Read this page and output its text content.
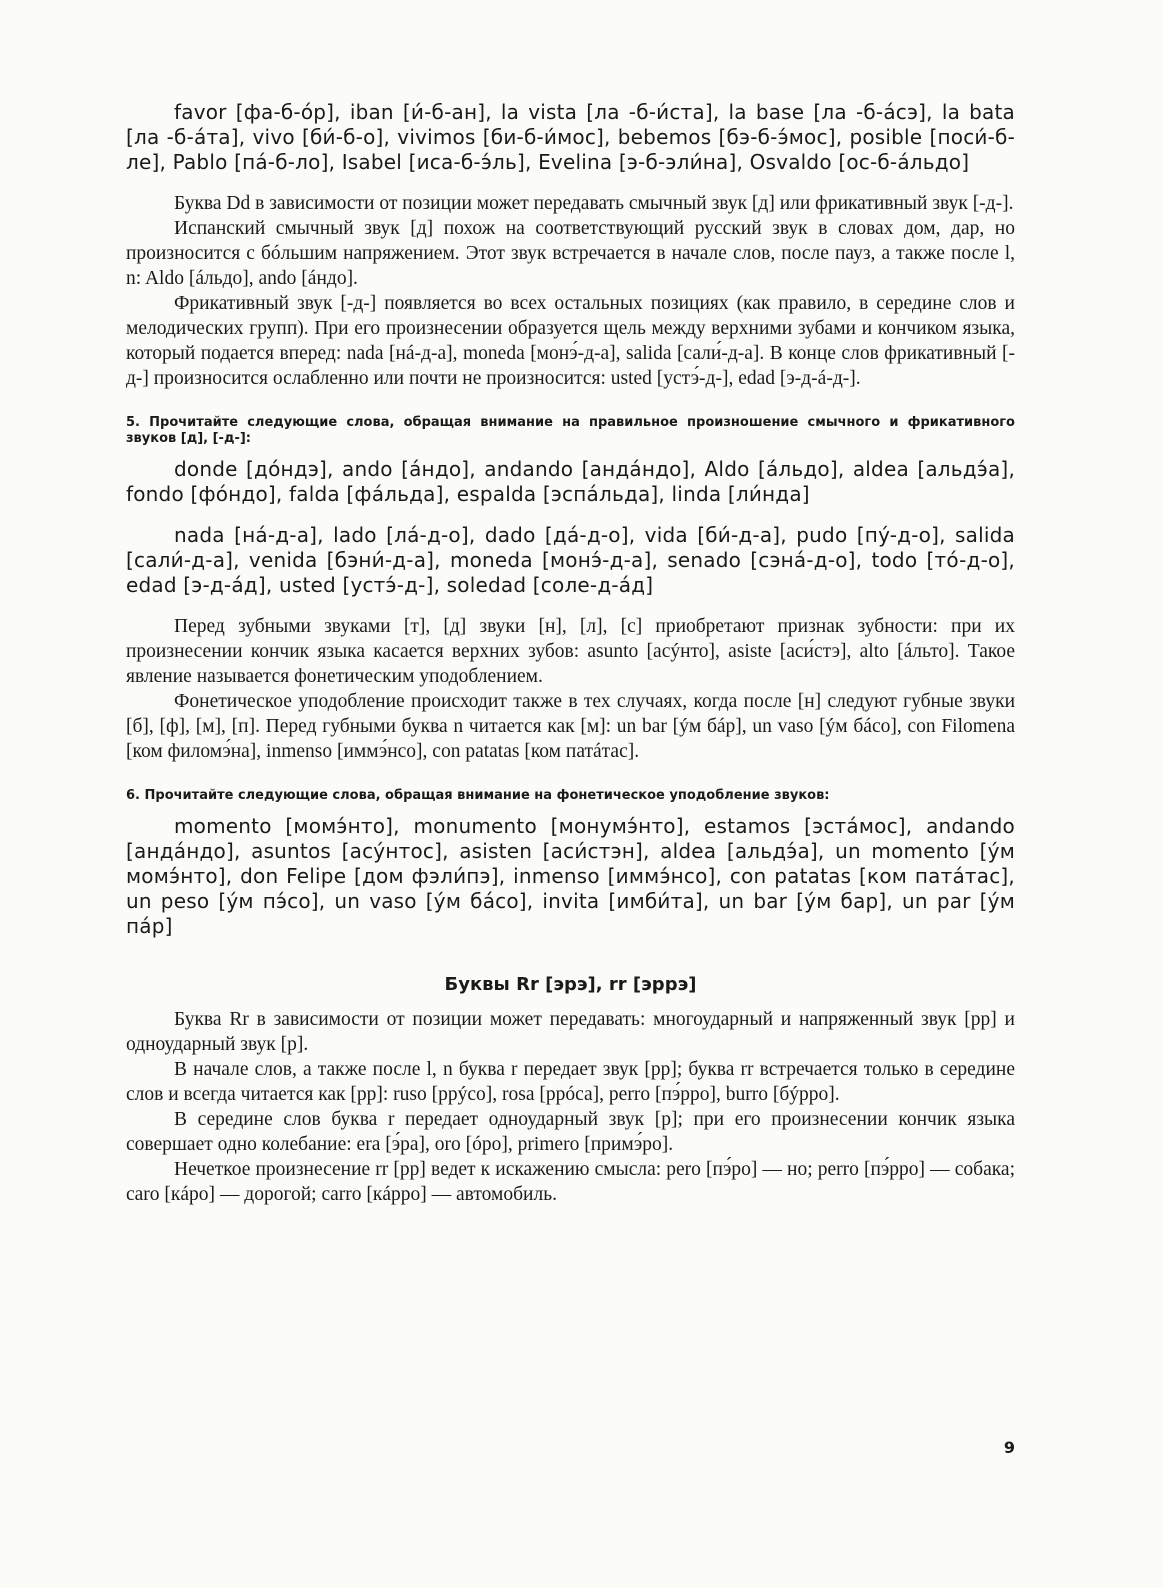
favor [фа-б-óр], iban [и́-б-ан], la vista [ла -б-и́ста], la base [ла -б-áсэ], la bata [ла -б-áта], vivo [би́-б-о], vivimos [би-б-и́мос], bebemos [бэ-б-э́мос], posible [поси́-б-ле], Pablo [пá-б-ло], Isabel [иса-б-э́ль], Evelina [э-б-эли́на], Osvaldo [ос-б-áльдо]

Буква Dd в зависимости от позиции может передавать смычный звук [д] или фрикативный звук [-д-].

Испанский смычный звук [д] похож на соответствующий русский звук в словах дом, дар, но произносится с бóльшим напряжением. Этот звук встречается в начале слов, после пауз, а также после l, n: Aldo [áльдо], ando [áндо].

Фрикативный звук [-д-] появляется во всех остальных позициях (как правило, в середине слов и мелодических групп). При его произнесении образуется щель между верхними зубами и кончиком языка, который подается вперед: nada [нá-д-а], moneda [монэ́-д-а], salida [сали́-д-а]. В конце слов фрикативный [-д-] произносится ослабленно или почти не произносится: usted [устэ́-д-], edad [э-д-á-д-].

5. Прочитайте следующие слова, обращая внимание на правильное произношение смычного и фрикативного звуков [д], [-д-]:

donde [дóндэ], ando [áндо], andando [андáндо], Aldo [áльдо], aldea [альдэ́а], fondo [фóндо], falda [фáльда], espalda [эспáльда], linda [ли́нда]

nada [нá-д-а], lado [лá-д-о], dado [дá-д-о], vida [би́-д-а], pudo [пý-д-о], salida [сали́-д-а], venida [бэни́-д-а], moneda [монэ́-д-а], senado [сэнá-д-о], todo [тó-д-о], edad [э-д-áд], usted [устэ́-д-], soledad [соле-д-áд]

Перед зубными звуками [т], [д] звуки [н], [л], [с] приобретают признак зубности: при их произнесении кончик языка касается верхних зубов: asunto [асýнто], asiste [аси́стэ], alto [áльто]. Такое явление называется фонетическим уподоблением.

Фонетическое уподобление происходит также в тех случаях, когда после [н] следуют губные звуки [б], [ф], [м], [п]. Перед губными буква n читается как [м]: un bar [ýм бáр], un vaso [ýм бáсо], con Filomena [ком филомэ́на], inmenso [иммэ́нсо], con patatas [ком патáтас].

6. Прочитайте следующие слова, обращая внимание на фонетическое уподобление звуков:

momento [момэ́нто], monumento [монумэ́нто], estamos [эстáмос], andando [андáндо], asuntos [асýнтос], asisten [аси́стэн], aldea [альдэ́а], un momento [ýм момэ́нто], don Felipe [дом фэли́пэ], inmenso [иммэ́нсо], con patatas [ком патáтас], un peso [ýм пэ́со], un vaso [ýм бáсо], invita [имби́та], un bar [ýм бар], un par [ýм пáр]

Буквы Rr [эрэ], rr [эррэ]

Буква Rr в зависимости от позиции может передавать: многоударный и напряженный звук [рр] и одноударный звук [р].

В начале слов, а также после l, n буква r передает звук [рр]; буква rr встречается только в середине слов и всегда читается как [рр]: ruso [ррýсо], rosa [ррóса], perro [пэ́рро], burro [бýрро].

В середине слов буква r передает одноударный звук [р]; при его произнесении кончик языка совершает одно колебание: era [э́ра], oro [óро], primero [примэ́ро].

Нечеткое произнесение rr [рр] ведет к искажению смысла: pero [пэ́ро] — но; perro [пэ́рро] — собака; caro [кáро] — дорогой; carro [кáрро] — автомобиль.

9
